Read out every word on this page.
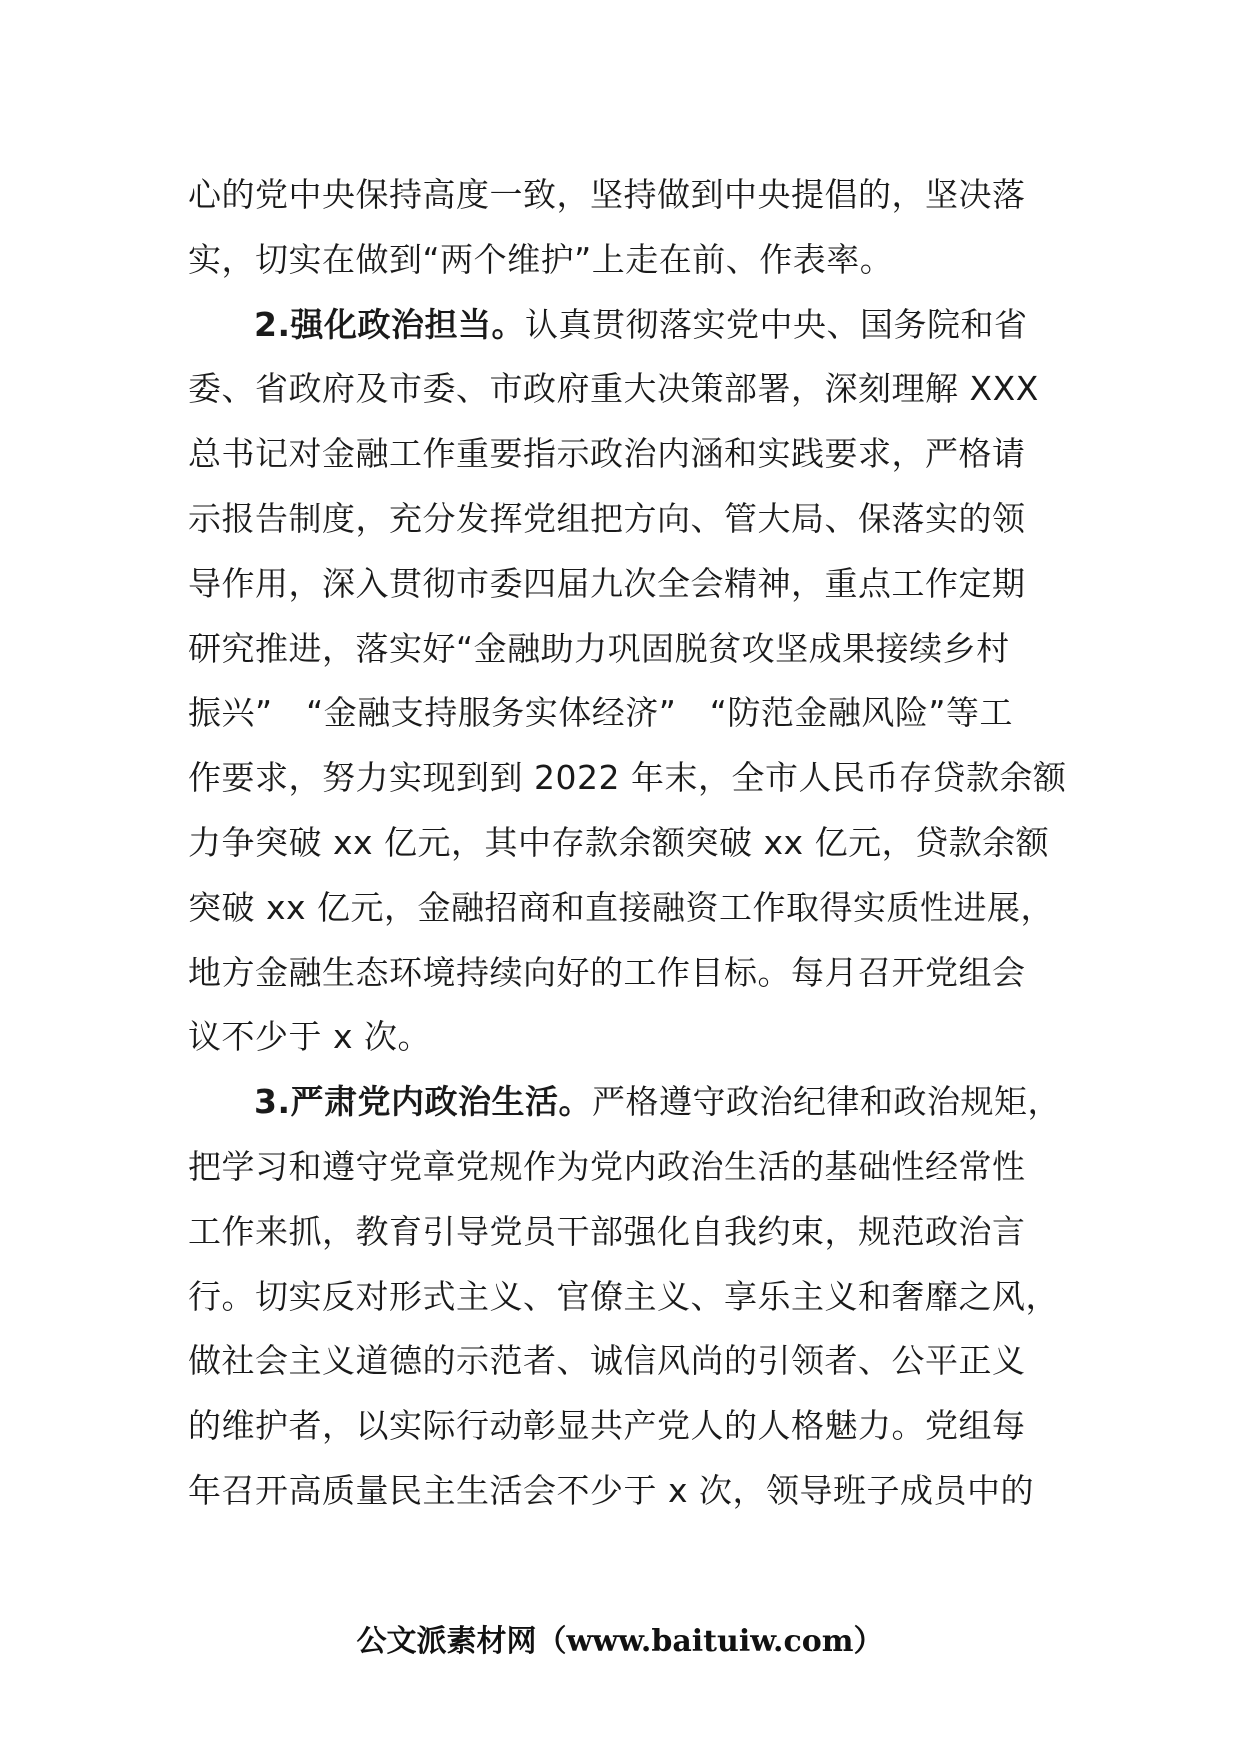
心的党中央保持高度一致，坚持做到中央提倡的，坚决落
实，切实在做到“两个维护”上走在前、作表率。
2.强化政治担当。认真贯彻落实党中央、国务院和省
委、省政府及市委、市政府重大决策部署，深刻理解 XXX
总书记对金融工作重要指示政治内涵和实践要求，严格请
示报告制度，充分发挥党组把方向、管大局、保落实的领
导作用，深入贯彻市委四届九次全会精神，重点工作定期
研究推进，落实好“金融助力巩固脱贫攻坚成果接续乡村
振兴”　“金融支持服务实体经济”　“防范金融风险”等工
作要求，努力实现到到 2022 年末，全市人民币存贷款余额
力争突破 xx 亿元，其中存款余额突破 xx 亿元，贷款余额
突破 xx 亿元，金融招商和直接融资工作取得实质性进展，
地方金融生态环境持续向好的工作目标。每月召开党组会
议不少于 x 次。
3.严肃党内政治生活。严格遵守政治纪律和政治规矩，
把学习和遵守党章党规作为党内政治生活的基础性经常性
工作来抓，教育引导党员干部强化自我约束，规范政治言
行。切实反对形式主义、官僚主义、享乐主义和奢靡之风，
做社会主义道德的示范者、诚信风尚的引领者、公平正义
的维护者，以实际行动彰显共产党人的人格魅力。党组每
年召开高质量民主生活会不少于 x 次，领导班子成员中的
公文派素材网（www.baituiw.com）
